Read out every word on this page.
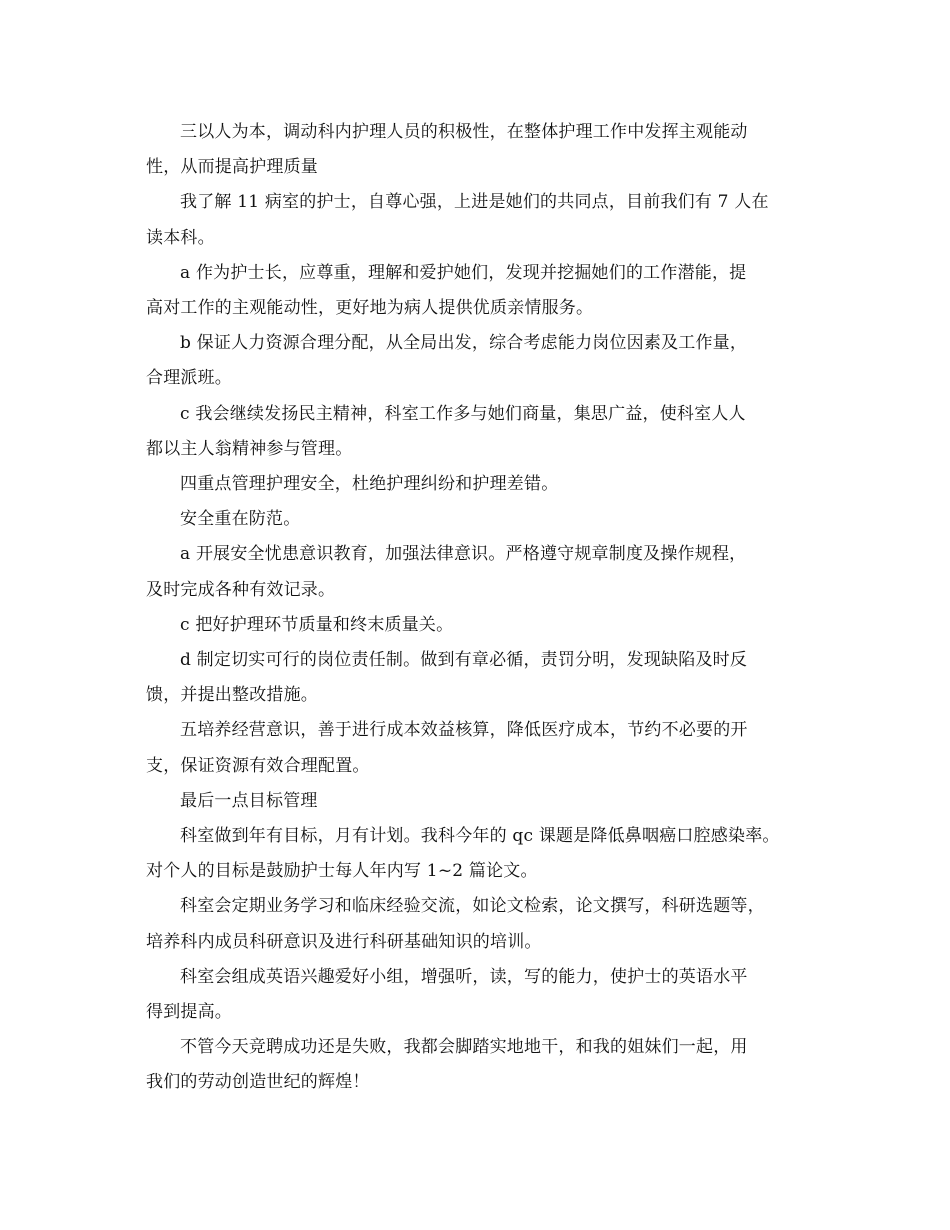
三以人为本，调动科内护理人员的积极性，在整体护理工作中发挥主观能动
性，从而提高护理质量

我了解 11 病室的护士，自尊心强，上进是她们的共同点，目前我们有 7 人在
读本科。

a 作为护士长，应尊重，理解和爱护她们，发现并挖掘她们的工作潜能，提
高对工作的主观能动性，更好地为病人提供优质亲情服务。

b 保证人力资源合理分配，从全局出发，综合考虑能力岗位因素及工作量，
合理派班。

c 我会继续发扬民主精神，科室工作多与她们商量，集思广益，使科室人人
都以主人翁精神参与管理。

四重点管理护理安全，杜绝护理纠纷和护理差错。

安全重在防范。

a 开展安全忧患意识教育，加强法律意识。严格遵守规章制度及操作规程，
及时完成各种有效记录。

c 把好护理环节质量和终末质量关。

d 制定切实可行的岗位责任制。做到有章必循，责罚分明，发现缺陷及时反
馈，并提出整改措施。

五培养经营意识，善于进行成本效益核算，降低医疗成本，节约不必要的开
支，保证资源有效合理配置。

最后一点目标管理

科室做到年有目标，月有计划。我科今年的 qc 课题是降低鼻咽癌口腔感染率。
对个人的目标是鼓励护士每人年内写 1~2 篇论文。

科室会定期业务学习和临床经验交流，如论文检索，论文撰写，科研选题等，
培养科内成员科研意识及进行科研基础知识的培训。

科室会组成英语兴趣爱好小组，增强听，读，写的能力，使护士的英语水平
得到提高。

不管今天竞聘成功还是失败，我都会脚踏实地地干，和我的姐妹们一起，用
我们的劳动创造世纪的辉煌！
